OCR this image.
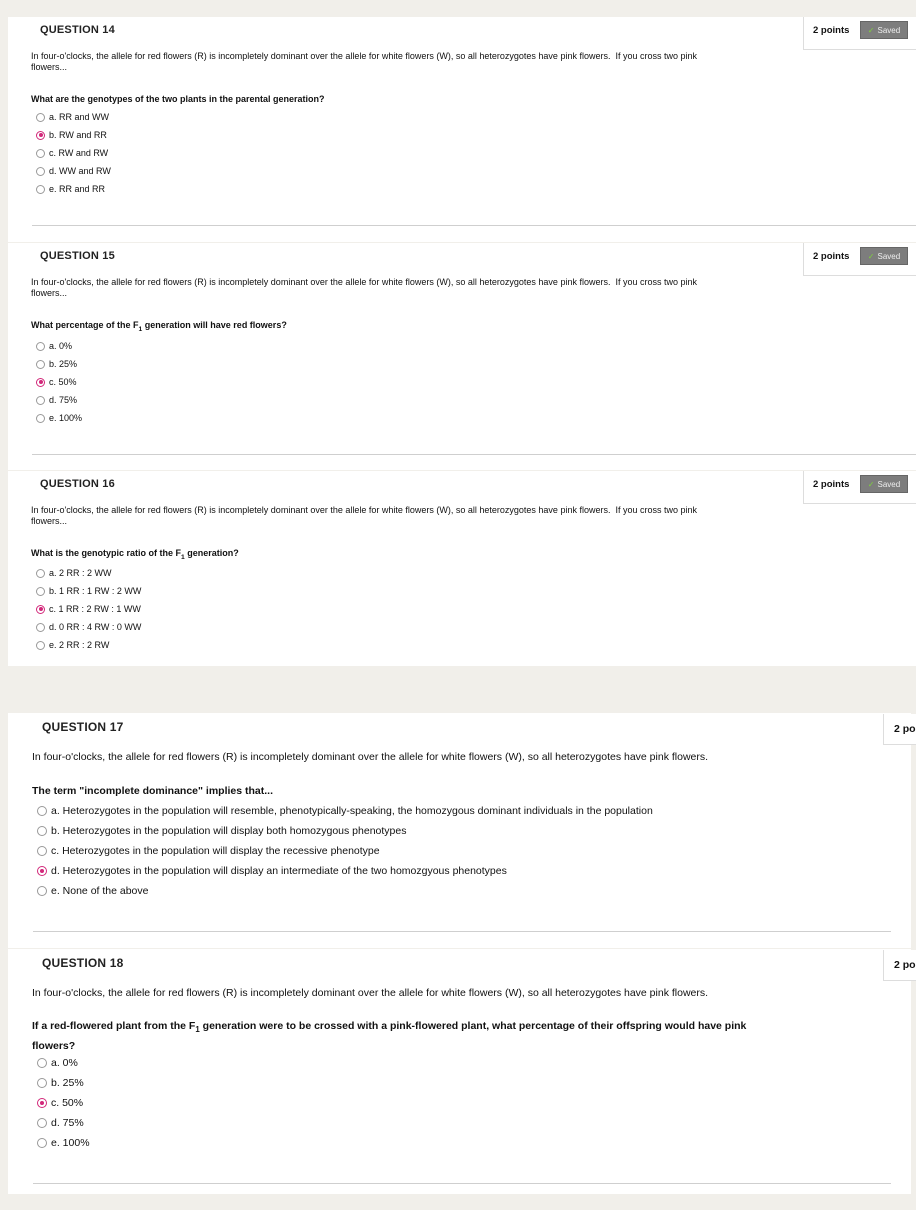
QUESTION 14	2 points ✓ Saved
In four-o'clocks, the allele for red flowers (R) is incompletely dominant over the allele for white flowers (W), so all heterozygotes have pink flowers. If you cross two pink flowers...
What are the genotypes of the two plants in the parental generation?
a. RR and WW
b. RW and RR
c. RW and RW
d. WW and RW
e. RR and RR
QUESTION 15	2 points ✓ Saved
In four-o'clocks, the allele for red flowers (R) is incompletely dominant over the allele for white flowers (W), so all heterozygotes have pink flowers. If you cross two pink flowers...
What percentage of the $F_1$ generation will have red flowers?
a. 0%
b. 25%
c. 50%
d. 75%
e. 100%
QUESTION 16	2 points ✓ Saved
In four-o'clocks, the allele for red flowers (R) is incompletely dominant over the allele for white flowers (W), so all heterozygotes have pink flowers. If you cross two pink flowers...
What is the genotypic ratio of the $F_1$ generation?
a. 2 RR : 2 WW
b. 1 RR : 1 RW : 2 WW
c. 1 RR : 2 RW : 1 WW
d. 0 RR : 4 RW : 0 WW
e. 2 RR : 2 RW
QUESTION 17	2 po
In four-o'clocks, the allele for red flowers (R) is incompletely dominant over the allele for white flowers (W), so all heterozygotes have pink flowers.
The term "incomplete dominance" implies that...
a. Heterozygotes in the population will resemble, phenotypically-speaking, the homozygous dominant individuals in the population
b. Heterozygotes in the population will display both homozygous phenotypes
c. Heterozygotes in the population will display the recessive phenotype
d. Heterozygotes in the population will display an intermediate of the two homozgyous phenotypes
e. None of the above
QUESTION 18	2 po
In four-o'clocks, the allele for red flowers (R) is incompletely dominant over the allele for white flowers (W), so all heterozygotes have pink flowers.
If a red-flowered plant from the $F_1$ generation were to be crossed with a pink-flowered plant, what percentage of their offspring would have pink flowers?
a. 0%
b. 25%
c. 50%
d. 75%
e. 100%
